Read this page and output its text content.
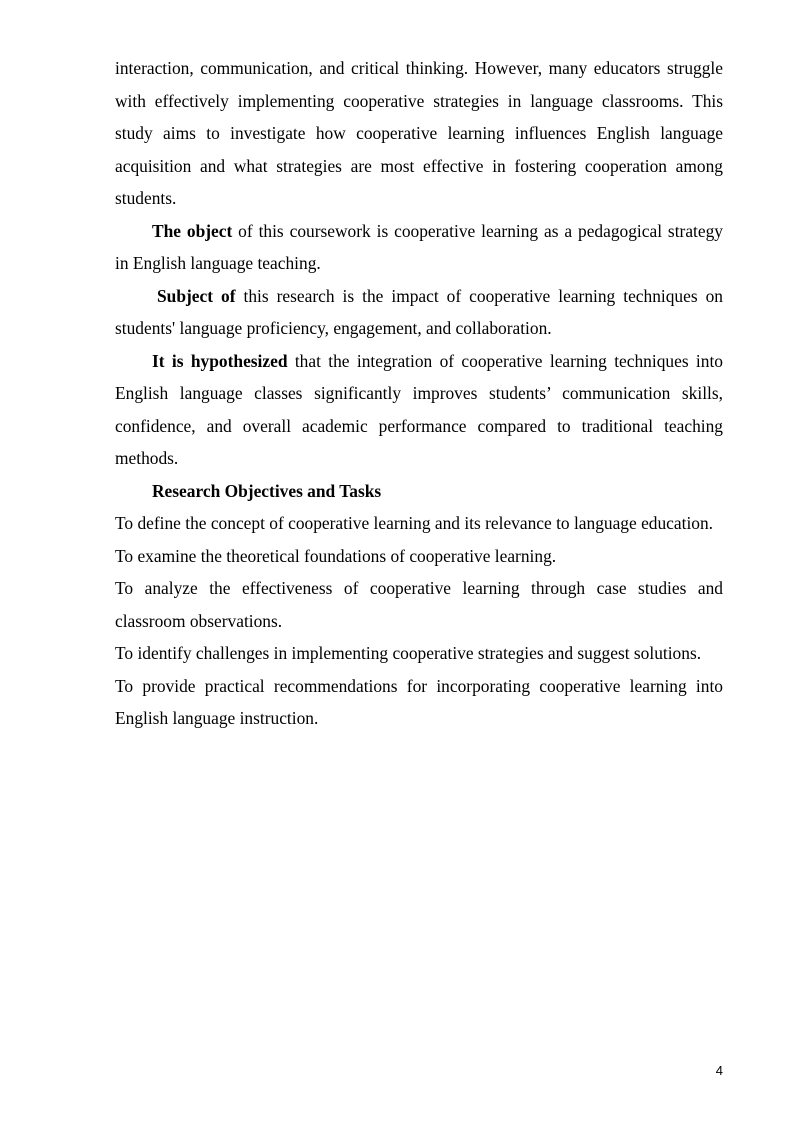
interaction, communication, and critical thinking. However, many educators struggle with effectively implementing cooperative strategies in language classrooms. This study aims to investigate how cooperative learning influences English language acquisition and what strategies are most effective in fostering cooperation among students.

The object of this coursework is cooperative learning as a pedagogical strategy in English language teaching.

Subject of this research is the impact of cooperative learning techniques on students' language proficiency, engagement, and collaboration.

It is hypothesized that the integration of cooperative learning techniques into English language classes significantly improves students’ communication skills, confidence, and overall academic performance compared to traditional teaching methods.

Research Objectives and Tasks

To define the concept of cooperative learning and its relevance to language education.

To examine the theoretical foundations of cooperative learning.

To analyze the effectiveness of cooperative learning through case studies and classroom observations.

To identify challenges in implementing cooperative strategies and suggest solutions.

To provide practical recommendations for incorporating cooperative learning into English language instruction.

4
